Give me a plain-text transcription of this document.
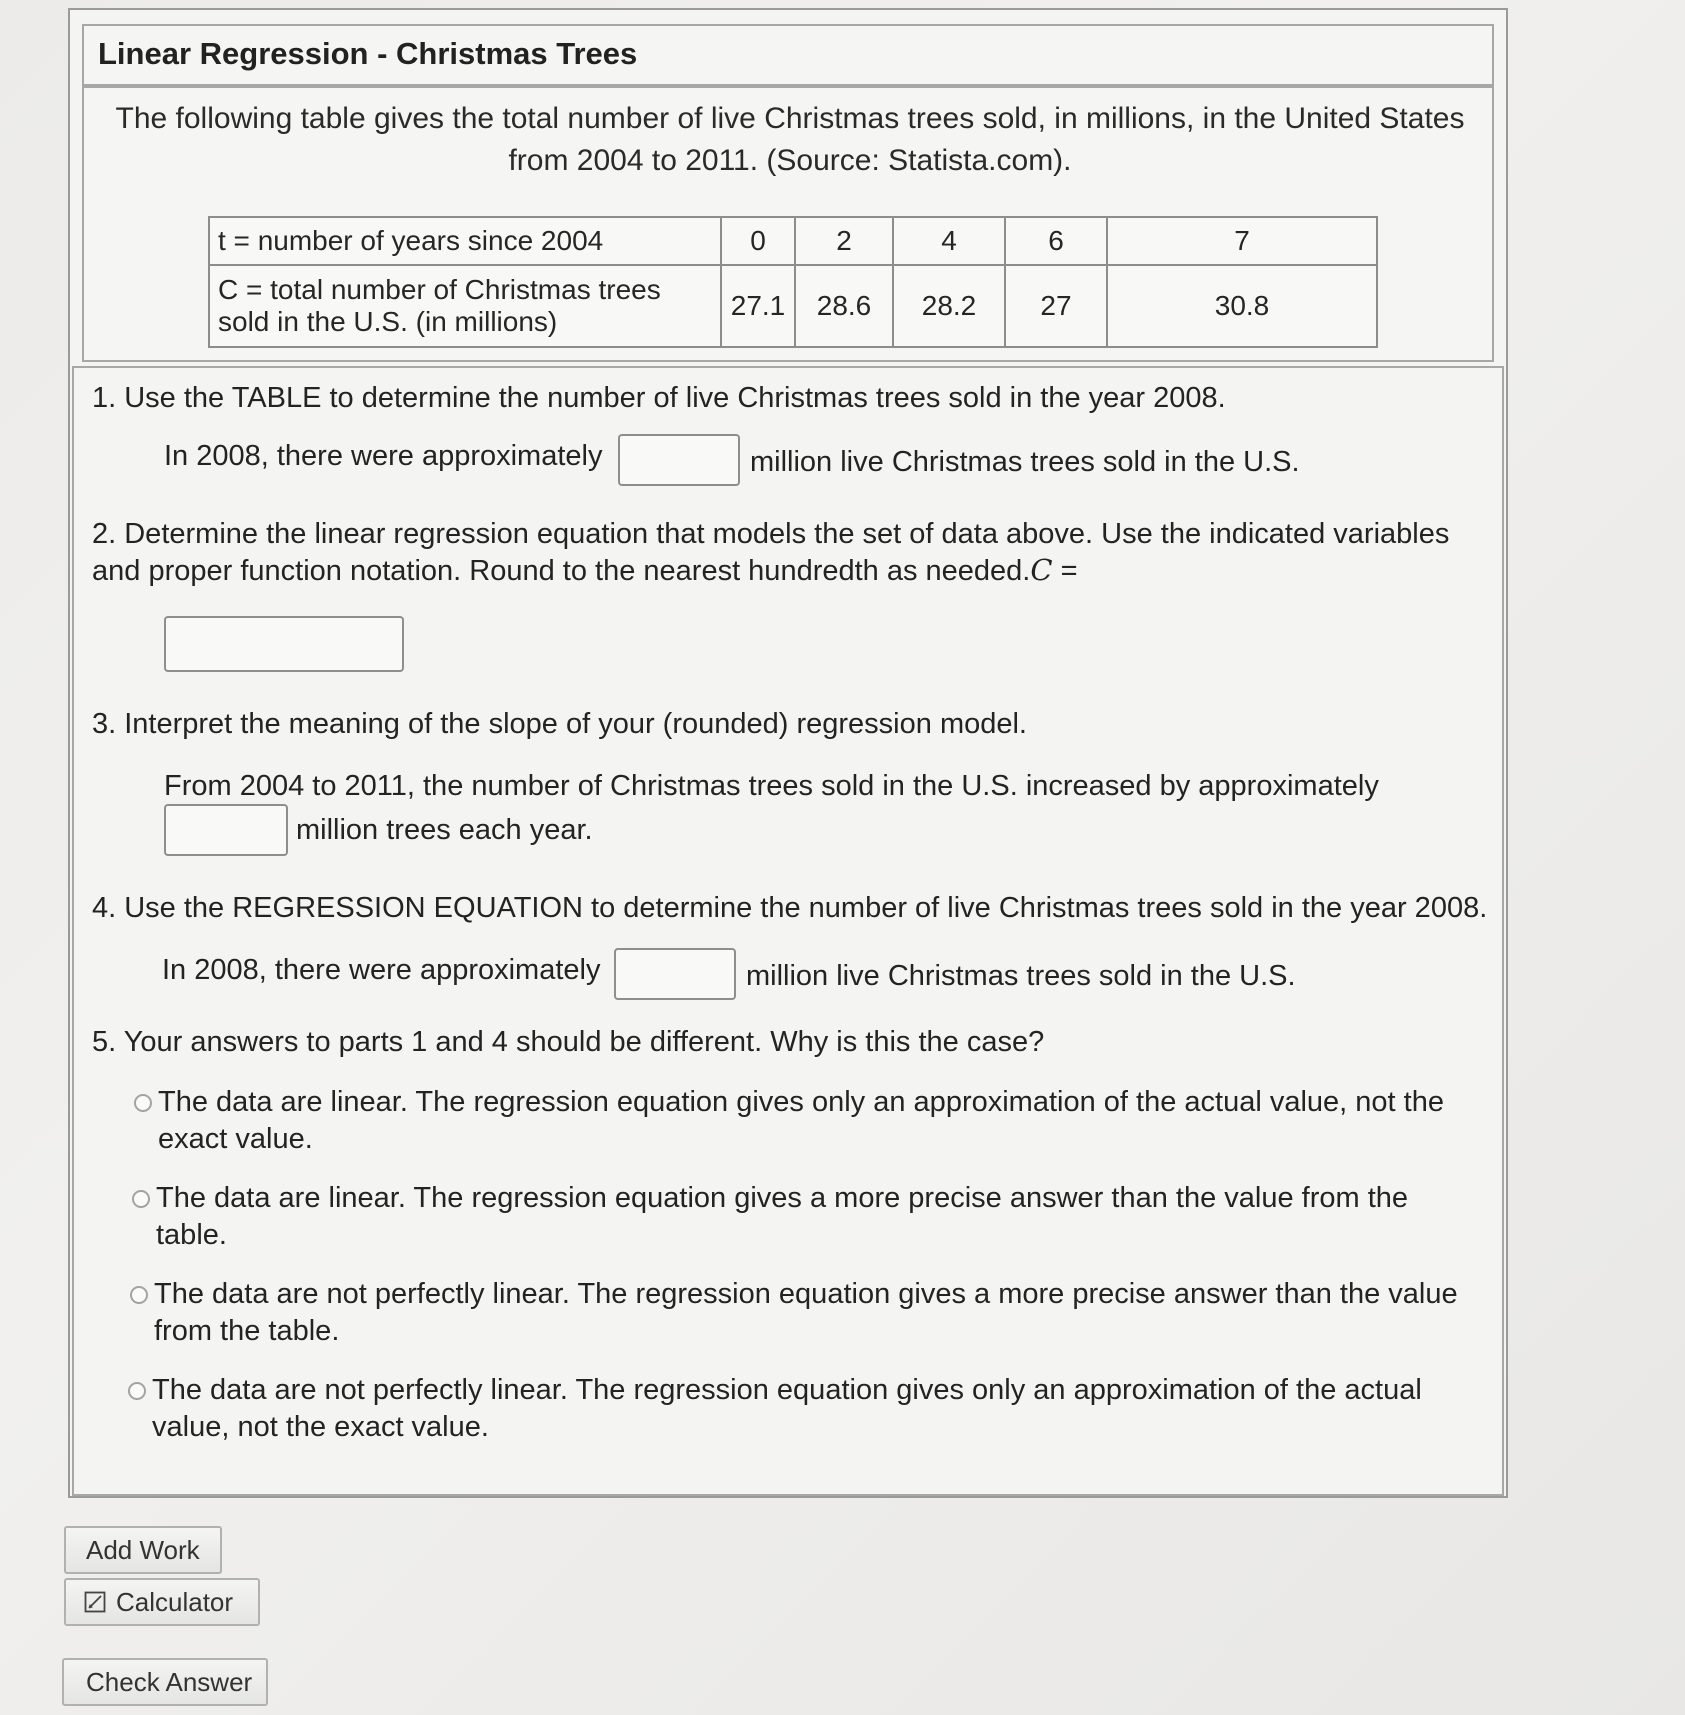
Linear Regression - Christmas Trees
The following table gives the total number of live Christmas trees sold, in millions, in the United States from 2004 to 2011. (Source: Statista.com).
t = number of years since 2004	0	2	4	6	7

C = total number of Christmas trees
sold in the U.S. (in millions)	27.1	28.6	28.2	27	30.8
1. Use the TABLE to determine the number of live Christmas trees sold in the year 2008.
In 2008, there were approximately	million live Christmas trees sold in the U.S.
2. Determine the linear regression equation that models the set of data above. Use the indicated variables
and proper function notation. Round to the nearest hundredth as needed.C =
3. Interpret the meaning of the slope of your (rounded) regression model.
From 2004 to 2011, the number of Christmas trees sold in the U.S. increased by approximately
million trees each year.
4. Use the REGRESSION EQUATION to determine the number of live Christmas trees sold in the year 2008.
In 2008, there were approximately	million live Christmas trees sold in the U.S.
5. Your answers to parts 1 and 4 should be different. Why is this the case?
The data are linear. The regression equation gives only an approximation of the actual value, not the
exact value.
The data are linear. The regression equation gives a more precise answer than the value from the
table.
The data are not perfectly linear. The regression equation gives a more precise answer than the value
from the table.
The data are not perfectly linear. The regression equation gives only an approximation of the actual
value, not the exact value.
Add Work
Calculator
Check Answer
